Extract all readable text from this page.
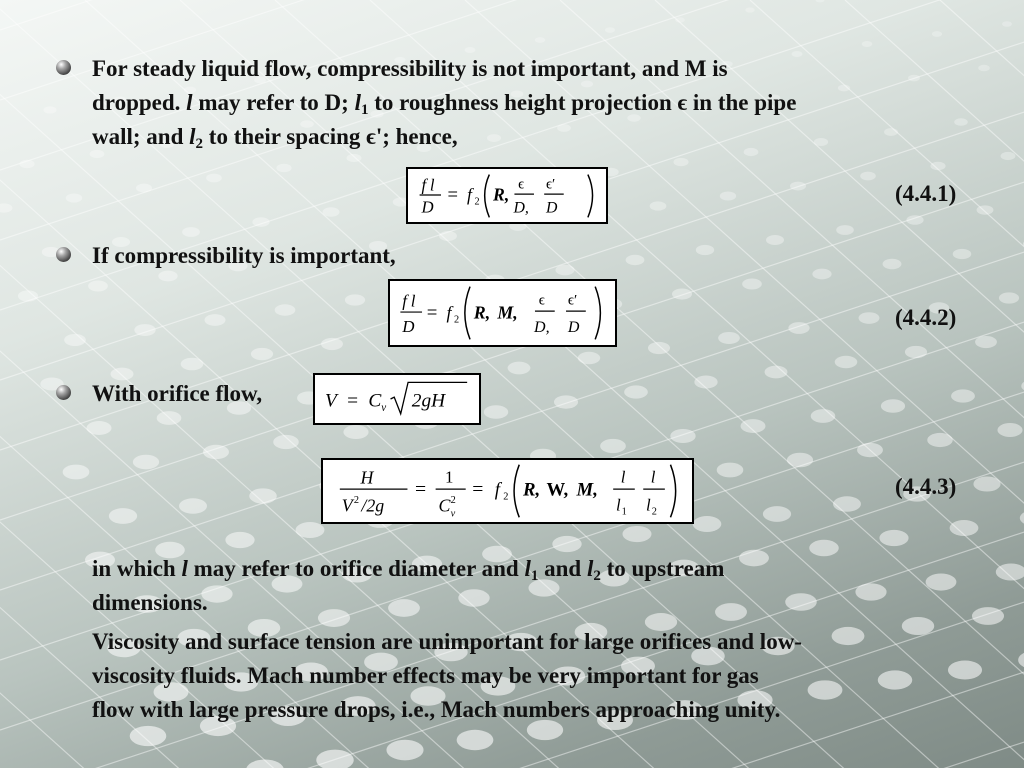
For steady liquid flow, compressibility is not important, and M is
dropped. l may refer to D; $l_1$ to roughness height projection ϵ in the pipe
wall; and $l_2$ to their spacing ϵ'; hence,
f l
D
= f 2 R,
ϵ
D,
ϵ′
D
(4.4.1)
If compressibility is important,
f l
D
= f 2 R, M,
ϵ
D,
ϵ′
D	(4.4.2)
With orifice flow,	V = C v 2gH
H
V 2 /2g
=
1
C 2
v
= f 2 R, W, M,
l
l 1
l
l 2
(4.4.3)
in which l may refer to orifice diameter and $l_1$ and $l_2$ to upstream
dimensions.
Viscosity and surface tension are unimportant for large orifices and low-
viscosity fluids. Mach number effects may be very important for gas
flow with large pressure drops, i.e., Mach numbers approaching unity.
